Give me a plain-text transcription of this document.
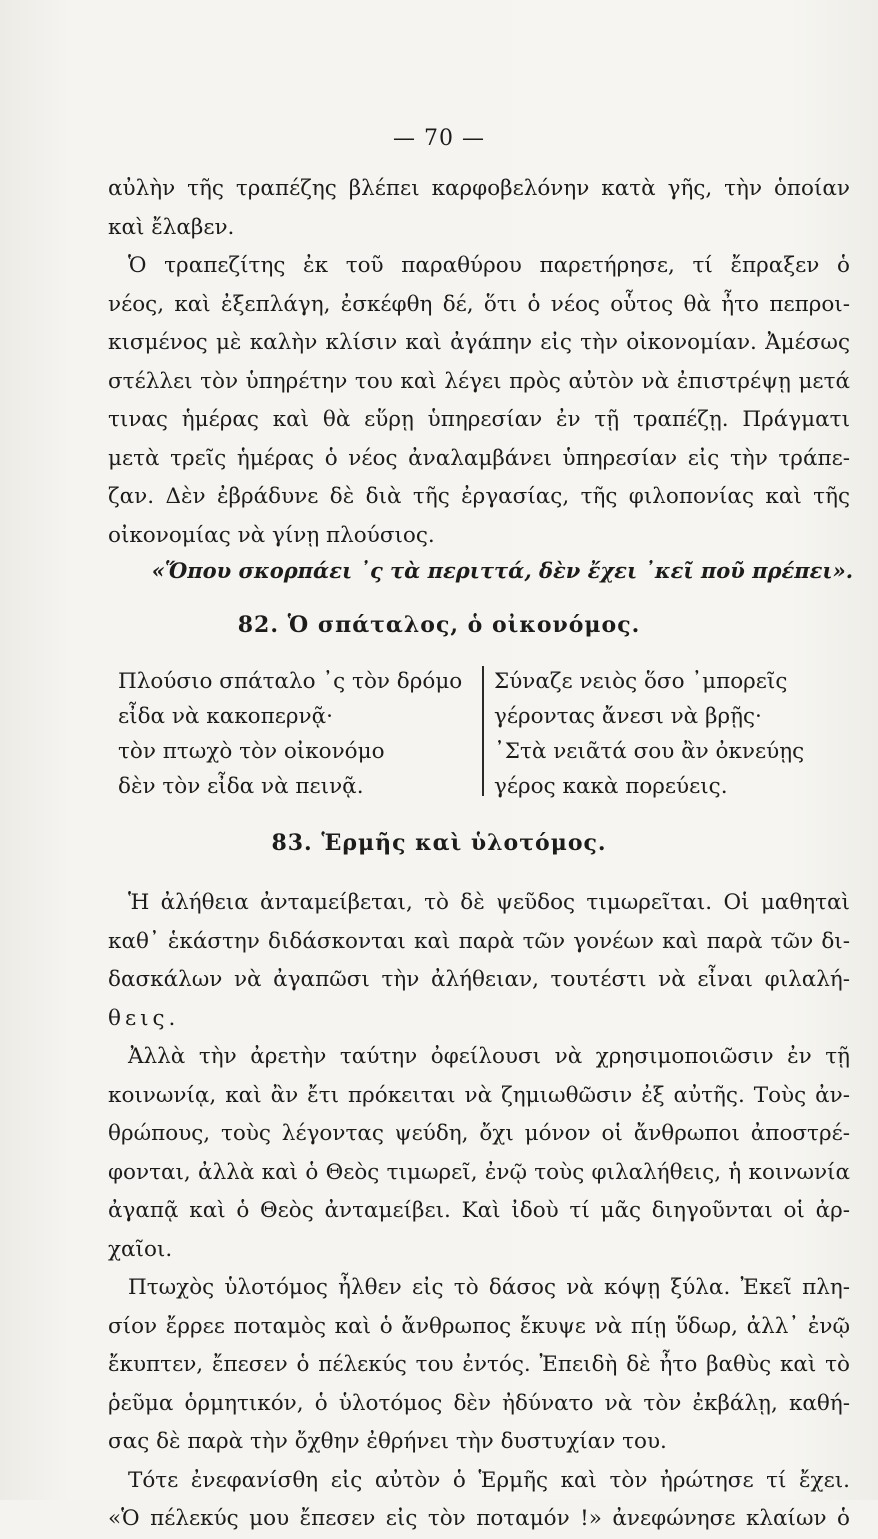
— 70 —
αὐλὴν τῆς τραπέζης βλέπει καρφοβελόνην κατὰ γῆς, τὴν ὁποίαν
καὶ ἔλαβεν.
Ὁ τραπεζίτης ἐκ τοῦ παραθύρου παρετήρησε, τί ἔπραξεν ὁ
νέος, καὶ ἐξεπλάγη, ἐσκέφθη δέ, ὅτι ὁ νέος οὗτος θὰ ἦτο πεπροι-
κισμένος μὲ καλὴν κλίσιν καὶ ἀγάπην εἰς τὴν οἰκονομίαν. Ἀμέσως
στέλλει τὸν ὑπηρέτην του καὶ λέγει πρὸς αὐτὸν νὰ ἐπιστρέψῃ μετά
τινας ἡμέρας καὶ θὰ εὕρῃ ὑπηρεσίαν ἐν τῇ τραπέζῃ. Πράγματι
μετὰ τρεῖς ἡμέρας ὁ νέος ἀναλαμβάνει ὑπηρεσίαν εἰς τὴν τράπε-
ζαν. Δὲν ἐβράδυνε δὲ διὰ τῆς ἐργασίας, τῆς φιλοπονίας καὶ τῆς
οἰκονομίας νὰ γίνῃ πλούσιος.
«Ὅπου σκορπάει ᾽ς τὰ περιττά, δὲν ἔχει ᾽κεῖ ποῦ πρέπει».
82. Ὁ σπάταλος, ὁ οἰκονόμος.
Πλούσιο σπάταλο ᾽ς τὸν δρόμο
εἶδα νὰ κακοπερνᾷ·
τὸν πτωχὸ τὸν οἰκονόμο
δὲν τὸν εἶδα νὰ πεινᾷ.
Σύναζε νειὸς ὅσο ᾽μπορεῖς
γέροντας ἄνεσι νὰ βρῇς·
᾽Στὰ νειᾶτά σου ἂν ὀκνεύῃς
γέρος κακὰ πορεύεις.
83. Ἑρμῆς καὶ ὑλοτόμος.
Ἡ ἀλήθεια ἀνταμείβεται, τὸ δὲ ψεῦδος τιμωρεῖται. Οἱ μαθηταὶ
καθ᾽ ἑκάστην διδάσκονται καὶ παρὰ τῶν γονέων καὶ παρὰ τῶν δι-
δασκάλων νὰ ἀγαπῶσι τὴν ἀλήθειαν, τουτέστι νὰ εἶναι φιλαλή-
θεις.
Ἀλλὰ τὴν ἀρετὴν ταύτην ὀφείλουσι νὰ χρησιμοποιῶσιν ἐν τῇ
κοινωνίᾳ, καὶ ἂν ἔτι πρόκειται νὰ ζημιωθῶσιν ἐξ αὐτῆς. Τοὺς ἀν-
θρώπους, τοὺς λέγοντας ψεύδη, ὄχι μόνον οἱ ἄνθρωποι ἀποστρέ-
φονται, ἀλλὰ καὶ ὁ Θεὸς τιμωρεῖ, ἐνῷ τοὺς φιλαλήθεις, ἡ κοινωνία
ἀγαπᾷ καὶ ὁ Θεὸς ἀνταμείβει. Καὶ ἰδοὺ τί μᾶς διηγοῦνται οἱ ἀρ-
χαῖοι.
Πτωχὸς ὑλοτόμος ἦλθεν εἰς τὸ δάσος νὰ κόψῃ ξύλα. Ἐκεῖ πλη-
σίον ἔρρεε ποταμὸς καὶ ὁ ἄνθρωπος ἔκυψε νὰ πίῃ ὕδωρ, ἀλλ᾽ ἐνῷ
ἔκυπτεν, ἔπεσεν ὁ πέλεκύς του ἐντός. Ἐπειδὴ δὲ ἦτο βαθὺς καὶ τὸ
ῥεῦμα ὁρμητικόν, ὁ ὑλοτόμος δὲν ἠδύνατο νὰ τὸν ἐκβάλῃ, καθή-
σας δὲ παρὰ τὴν ὄχθην ἐθρήνει τὴν δυστυχίαν του.
Τότε ἐνεφανίσθη εἰς αὐτὸν ὁ Ἑρμῆς καὶ τὸν ἠρώτησε τί ἔχει.
«Ὁ πέλεκύς μου ἔπεσεν εἰς τὸν ποταμόν !» ἀνεφώνησε κλαίων ὁ
